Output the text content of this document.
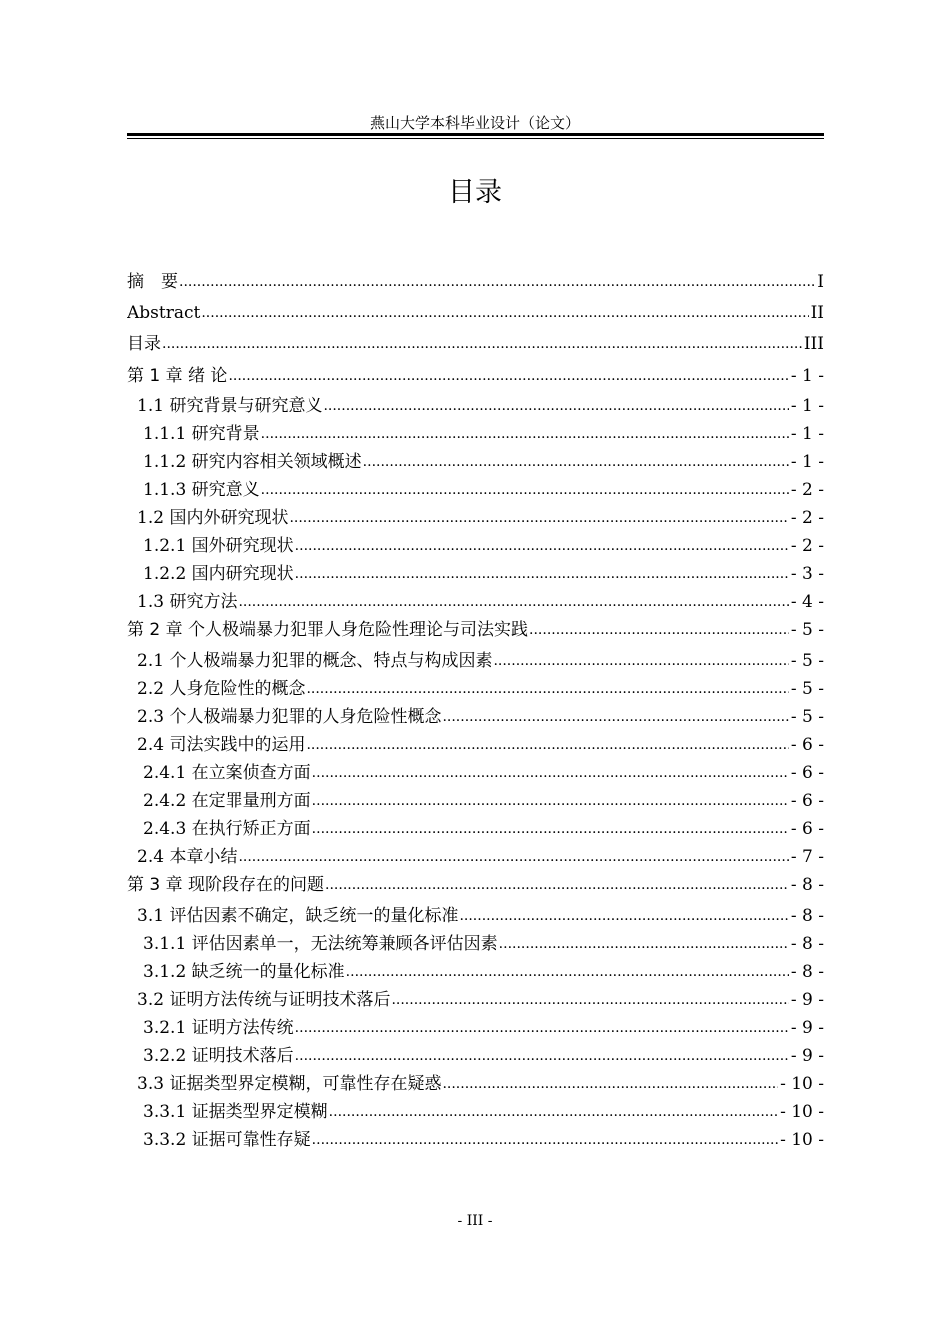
燕山大学本科毕业设计（论文）
目录
摘　要 .....	I
Abstract .....	II
目录 .....	III
第 1 章 绪 论 .....	- 1 -
1.1 研究背景与研究意义 .....	- 1 -
1.1.1 研究背景 .....	- 1 -
1.1.2 研究内容相关领域概述 .....	- 1 -
1.1.3 研究意义 .....	- 2 -
1.2 国内外研究现状 .....	- 2 -
1.2.1 国外研究现状 .....	- 2 -
1.2.2 国内研究现状 .....	- 3 -
1.3 研究方法 .....	- 4 -
第 2 章 个人极端暴力犯罪人身危险性理论与司法实践 .....	- 5 -
2.1 个人极端暴力犯罪的概念、特点与构成因素 .....	- 5 -
2.2 人身危险性的概念 .....	- 5 -
2.3 个人极端暴力犯罪的人身危险性概念 .....	- 5 -
2.4 司法实践中的运用 .....	- 6 -
2.4.1 在立案侦查方面 .....	- 6 -
2.4.2 在定罪量刑方面 .....	- 6 -
2.4.3 在执行矫正方面 .....	- 6 -
2.4 本章小结 .....	- 7 -
第 3 章 现阶段存在的问题 .....	- 8 -
3.1 评估因素不确定，缺乏统一的量化标准 .....	- 8 -
3.1.1 评估因素单一，无法统筹兼顾各评估因素 .....	- 8 -
3.1.2 缺乏统一的量化标准 .....	- 8 -
3.2 证明方法传统与证明技术落后 .....	- 9 -
3.2.1 证明方法传统 .....	- 9 -
3.2.2 证明技术落后 .....	- 9 -
3.3 证据类型界定模糊，可靠性存在疑惑 .....	- 10 -
3.3.1 证据类型界定模糊 .....	- 10 -
3.3.2 证据可靠性存疑 .....	- 10 -
- III -
